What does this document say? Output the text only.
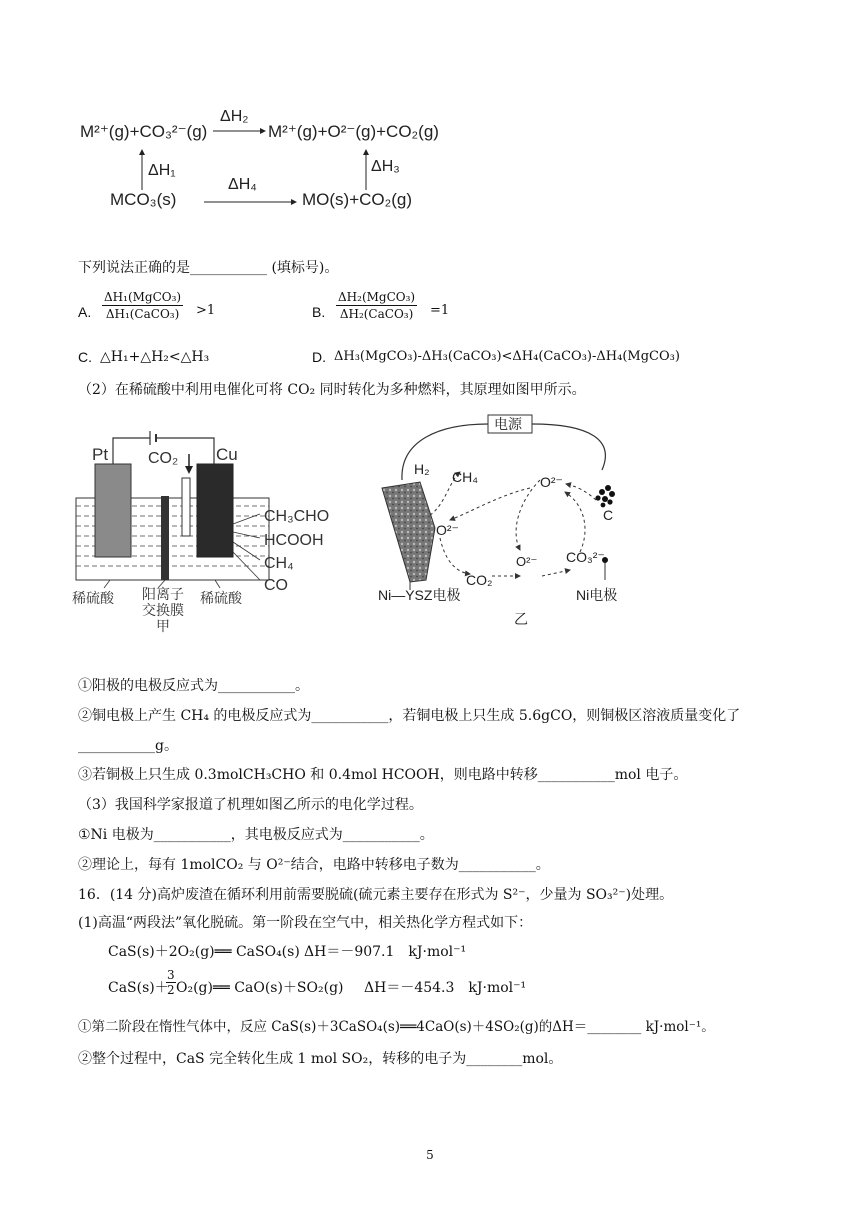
M²⁺(g)+CO₃²⁻(g)	M²⁺(g)+O²⁻(g)+CO₂(g)
MCO₃(s)	MO(s)+CO₂(g)
ΔH₂
ΔH₁	ΔH₃
ΔH₄
下列说法正确的是___________ (填标号)。
A.
ΔH₁(MgCO₃)
ΔH₁(CaCO₃) >1	B.
ΔH₂(MgCO₃)
ΔH₂(CaCO₃) =1
C. △H₁+△H₂<△H₃	D. ΔH₃(MgCO₃)-ΔH₃(CaCO₃)<ΔH₄(CaCO₃)-ΔH₄(MgCO₃)
（2）在稀硫酸中利用电催化可将 CO₂ 同时转化为多种燃料，其原理如图甲所示。
Pt	Cu
CO₂
CH₃CHO
HCOOH
CH₄
CO
稀硫酸 阳离子
交换膜
稀硫酸
甲
电源
H₂ CH₄	O²⁻
O²⁻
O²⁻
CO₂
CO₃²⁻
C
Ni—YSZ电极	Ni电极
乙
①阳极的电极反应式为___________。
②铜电极上产生 CH₄ 的电极反应式为___________，若铜电极上只生成 5.6gCO，则铜极区溶液质量变化了
___________g。
③若铜极上只生成 0.3molCH₃CHO 和 0.4mol HCOOH，则电路中转移___________mol 电子。
（3）我国科学家报道了机理如图乙所示的电化学过程。
①Ni 电极为___________，其电极反应式为___________。
②理论上，每有 1molCO₂ 与 O²⁻结合，电路中转移电子数为___________。
16．(14 分)高炉废渣在循环利用前需要脱硫(硫元素主要存在形式为 S²⁻，少量为 SO₃²⁻)处理。
(1)高温“两段法”氧化脱硫。第一阶段在空气中，相关热化学方程式如下：
CaS(s)＋2O₂(g)══ CaSO₄(s) ΔH＝－907.1　kJ·mol⁻¹
CaS(s)＋
$\frac{3}{2}$ O₂(g)══ CaO(s)＋SO₂(g) ΔH＝－454.3　kJ·mol⁻¹
①第二阶段在惰性气体中，反应 CaS(s)＋3CaSO₄(s)══4CaO(s)＋4SO₂(g)的ΔH＝________ kJ·mol⁻¹。
②整个过程中，CaS 完全转化生成 1 mol SO₂，转移的电子为________mol。
5
